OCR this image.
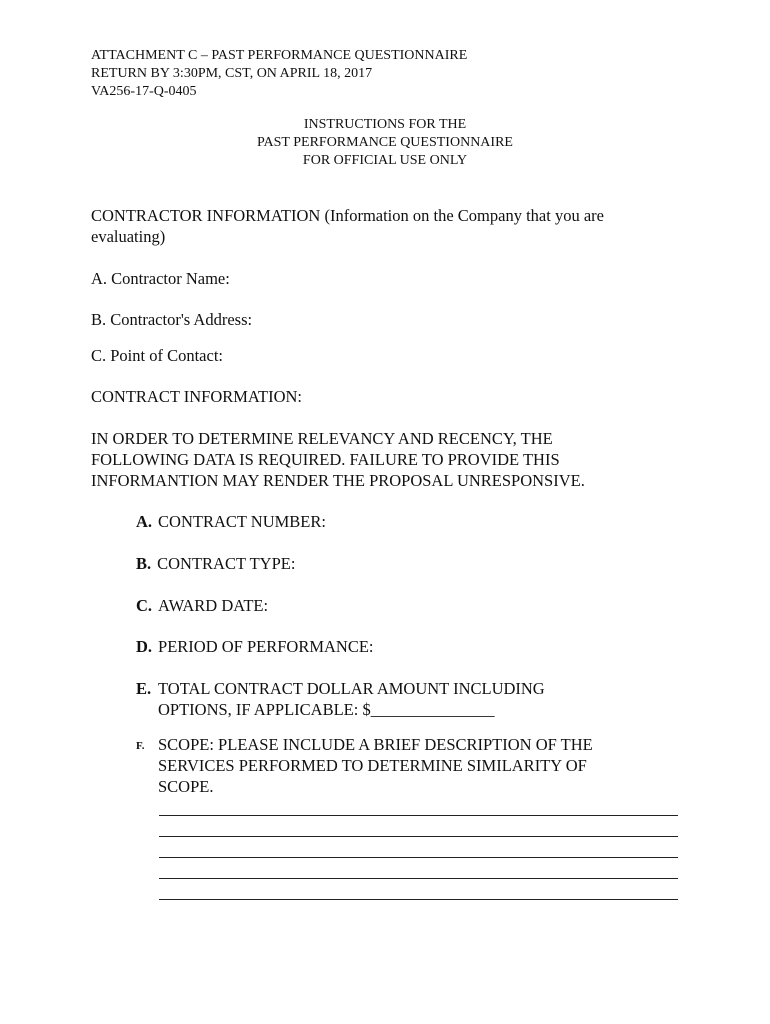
ATTACHMENT C – PAST PERFORMANCE QUESTIONNAIRE
RETURN BY 3:30PM, CST, ON APRIL 18, 2017
VA256-17-Q-0405
INSTRUCTIONS FOR THE
PAST PERFORMANCE QUESTIONNAIRE
FOR OFFICIAL USE ONLY
CONTRACTOR INFORMATION (Information on the Company that you are
evaluating)
A. Contractor Name:
B. Contractor's Address:
C. Point of Contact:
CONTRACT INFORMATION:
IN ORDER TO DETERMINE RELEVANCY AND RECENCY, THE
FOLLOWING DATA IS REQUIRED. FAILURE TO PROVIDE THIS
INFORMANTION MAY RENDER THE PROPOSAL UNRESPONSIVE.
A. CONTRACT NUMBER:
B. CONTRACT TYPE:
C. AWARD DATE:
D. PERIOD OF PERFORMANCE:
E. TOTAL CONTRACT DOLLAR AMOUNT INCLUDING
OPTIONS, IF APPLICABLE: $_______________
F. SCOPE: PLEASE INCLUDE A BRIEF DESCRIPTION OF THE
SERVICES PERFORMED TO DETERMINE SIMILARITY OF
SCOPE.
